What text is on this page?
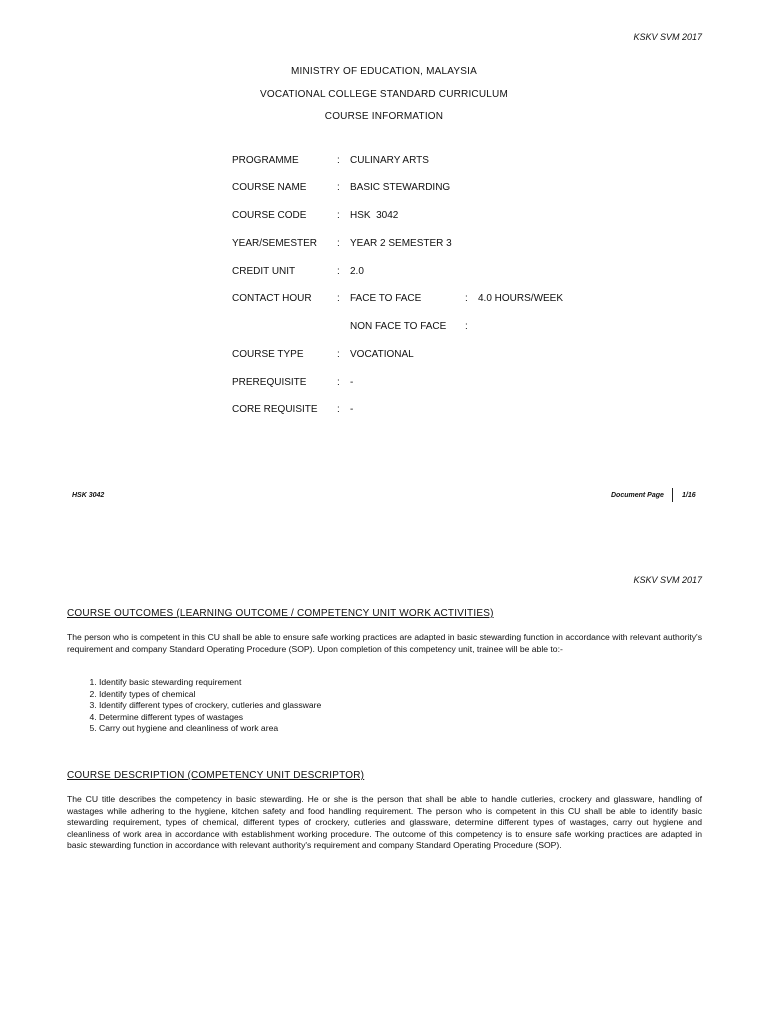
KSKV SVM 2017
MINISTRY OF EDUCATION, MALAYSIA
VOCATIONAL COLLEGE STANDARD CURRICULUM
COURSE INFORMATION
PROGRAMME	: CULINARY ARTS
COURSE NAME	: BASIC STEWARDING
COURSE CODE	: HSK  3042
YEAR/SEMESTER : YEAR 2 SEMESTER 3
CREDIT UNIT	: 2.0
CONTACT HOUR	: FACE TO FACE	: 4.0 HOURS/WEEK
NON FACE TO FACE :
COURSE TYPE	: VOCATIONAL
PREREQUISITE	: -
CORE REQUISITE : -
HSK 3042	Document Page	1/16
KSKV SVM 2017
COURSE OUTCOMES (LEARNING OUTCOME / COMPETENCY UNIT WORK ACTIVITIES)

The person who is competent in this CU shall be able to ensure safe working practices are adapted in basic stewarding function in accordance with relevant authority's requirement and company Standard Operating Procedure (SOP). Upon completion of this competency unit, trainee will be able to:-

1. Identify basic stewarding requirement
2. Identify types of chemical
3. Identify different types of crockery, cutleries and glassware
4. Determine different types of wastages
5. Carry out hygiene and cleanliness of work area
COURSE DESCRIPTION (COMPETENCY UNIT DESCRIPTOR)

The CU title describes the competency in basic stewarding. He or she is the person that shall be able to handle cutleries, crockery and glassware, handling of wastages while adhering to the hygiene, kitchen safety and food handling requirement. The person who is competent in this CU shall be able to identify basic stewarding requirement, types of chemical, different types of crockery, cutleries and glassware, determine different types of wastages, carry out hygiene and cleanliness of work area in accordance with establishment working procedure. The outcome of this competency is to ensure safe working practices are adapted in basic stewarding function in accordance with relevant authority's requirement and company Standard Operating Procedure (SOP).
